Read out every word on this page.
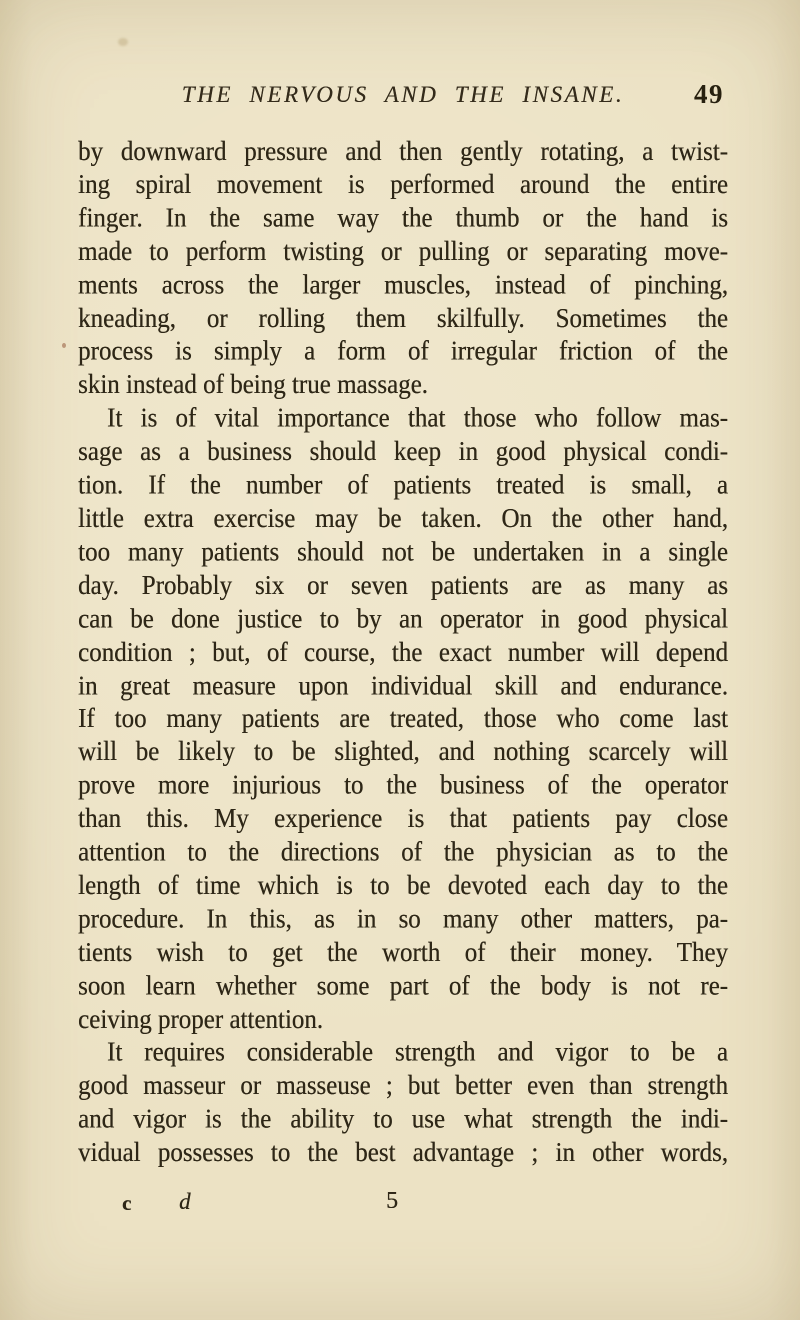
THE NERVOUS AND THE INSANE.	49
by downward pressure and then gently rotating, a twist-
ing spiral movement is performed around the entire
finger. In the same way the thumb or the hand is
made to perform twisting or pulling or separating move-
ments across the larger muscles, instead of pinching,
kneading, or rolling them skilfully. Sometimes the
process is simply a form of irregular friction of the
skin instead of being true massage.
It is of vital importance that those who follow mas-
sage as a business should keep in good physical condi-
tion. If the number of patients treated is small, a
little extra exercise may be taken. On the other hand,
too many patients should not be undertaken in a single
day. Probably six or seven patients are as many as
can be done justice to by an operator in good physical
condition ; but, of course, the exact number will depend
in great measure upon individual skill and endurance.
If too many patients are treated, those who come last
will be likely to be slighted, and nothing scarcely will
prove more injurious to the business of the operator
than this. My experience is that patients pay close
attention to the directions of the physician as to the
length of time which is to be devoted each day to the
procedure. In this, as in so many other matters, pa-
tients wish to get the worth of their money. They
soon learn whether some part of the body is not re-
ceiving proper attention.
It requires considerable strength and vigor to be a
good masseur or masseuse ; but better even than strength
and vigor is the ability to use what strength the indi-
vidual possesses to the best advantage ; in other words,
c d	5
